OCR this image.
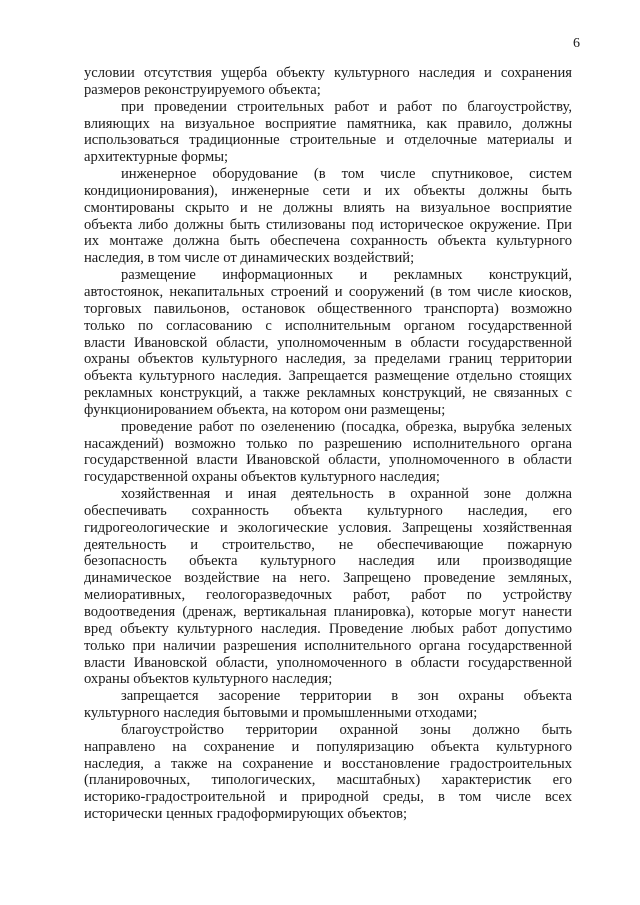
6
условии отсутствия ущерба объекту культурного наследия и сохранения
размеров реконструируемого объекта;
при проведении строительных работ и работ по благоустройству,
влияющих на визуальное восприятие памятника, как правило, должны
использоваться традиционные строительные и отделочные материалы и
архитектурные формы;
инженерное оборудование (в том числе спутниковое, систем
кондиционирования), инженерные сети и их объекты должны быть
смонтированы скрыто и не должны влиять на визуальное восприятие
объекта либо должны быть стилизованы под историческое окружение. При
их монтаже должна быть обеспечена сохранность объекта культурного
наследия, в том числе от динамических воздействий;
размещение информационных и рекламных конструкций,
автостоянок, некапитальных строений и сооружений (в том числе киосков,
торговых павильонов, остановок общественного транспорта) возможно
только по согласованию с исполнительным органом государственной
власти Ивановской области, уполномоченным в области государственной
охраны объектов культурного наследия, за пределами границ территории
объекта культурного наследия. Запрещается размещение отдельно стоящих
рекламных конструкций, а также рекламных конструкций, не связанных с
функционированием объекта, на котором они размещены;
проведение работ по озеленению (посадка, обрезка, вырубка зеленых
насаждений) возможно только по разрешению исполнительного органа
государственной власти Ивановской области, уполномоченного в области
государственной охраны объектов культурного наследия;
хозяйственная и иная деятельность в охранной зоне должна
обеспечивать сохранность объекта культурного наследия, его
гидрогеологические и экологические условия. Запрещены хозяйственная
деятельность и строительство, не обеспечивающие пожарную
безопасность объекта культурного наследия или производящие
динамическое воздействие на него. Запрещено проведение земляных,
мелиоративных, геологоразведочных работ, работ по устройству
водоотведения (дренаж, вертикальная планировка), которые могут нанести
вред объекту культурного наследия. Проведение любых работ допустимо
только при наличии разрешения исполнительного органа государственной
власти Ивановской области, уполномоченного в области государственной
охраны объектов культурного наследия;
запрещается засорение территории в зон охраны объекта
культурного наследия бытовыми и промышленными отходами;
благоустройство территории охранной зоны должно быть
направлено на сохранение и популяризацию объекта культурного
наследия, а также на сохранение и восстановление градостроительных
(планировочных, типологических, масштабных) характеристик его
историко-градостроительной и природной среды, в том числе всех
исторически ценных градоформирующих объектов;
